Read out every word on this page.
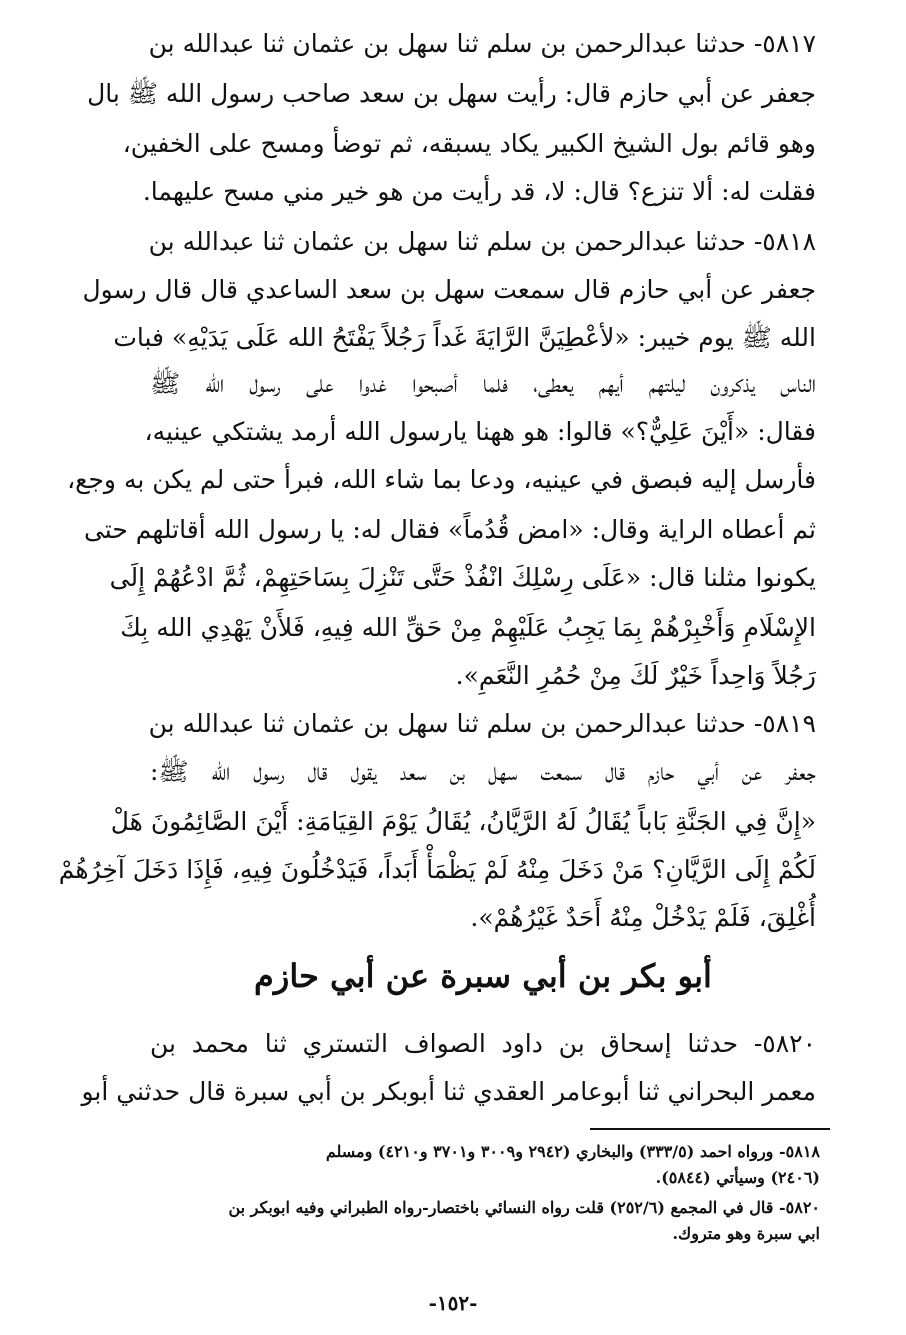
٥٨١٧- حدثنا عبدالرحمن بن سلم ثنا سهل بن عثمان ثنا عبدالله بن
جعفر عن أبي حازم قال: رأيت سهل بن سعد صاحب رسول الله ﷺ بال
وهو قائم بول الشيخ الكبير يكاد يسبقه، ثم توضأ ومسح على الخفين،
فقلت له: ألا تنزع؟ قال: لا، قد رأيت من هو خير مني مسح عليهما.
٥٨١٨- حدثنا عبدالرحمن بن سلم ثنا سهل بن عثمان ثنا عبدالله بن
جعفر عن أبي حازم قال سمعت سهل بن سعد الساعدي قال قال رسول
الله ﷺ يوم خيبر: «لأعْطِيَنَّ الرَّايَةَ غَداً رَجُلاً يَفْتَحُ الله عَلَى يَدَيْهِ» فبات
الناس يذكرون ليلتهم أيهم يعطى، فلما أصبحوا غدوا على رسول الله ﷺ
فقال: «أَيْنَ عَلِيٌّ؟» قالوا: هو ههنا يارسول الله أرمد يشتكي عينيه،
فأرسل إليه فبصق في عينيه، ودعا بما شاء الله، فبرأ حتى لم يكن به وجع،
ثم أعطاه الراية وقال: «امض قُدُماً» فقال له: يا رسول الله أقاتلهم حتى
يكونوا مثلنا قال: «عَلَى رِسْلِكَ انْفُذْ حَتَّى تَنْزِلَ بِسَاحَتِهِمْ، ثُمَّ ادْعُهُمْ إِلَى
الإِسْلَامِ وَأَخْبِرْهُمْ بِمَا يَجِبُ عَلَيْهِمْ مِنْ حَقِّ الله فِيهِ، فَلأَنْ يَهْدِي الله بِكَ
رَجُلاً وَاحِداً خَيْرٌ لَكَ مِنْ حُمُرِ النَّعَمِ».
٥٨١٩- حدثنا عبدالرحمن بن سلم ثنا سهل بن عثمان ثنا عبدالله بن
جعفر عن أبي حازم قال سمعت سهل بن سعد يقول قال رسول الله ﷺ:
«إِنَّ فِي الجَنَّةِ بَاباً يُقَالُ لَهُ الرَّيَّانُ، يُقَالُ يَوْمَ القِيَامَةِ: أَيْنَ الصَّائِمُونَ هَلْ
لَكُمْ إِلَى الرَّيَّانِ؟ مَنْ دَخَلَ مِنْهُ لَمْ يَظْمَأْ أَبَداً، فَيَدْخُلُونَ فِيهِ، فَإِذَا دَخَلَ آخِرُهُمْ
أُغْلِقَ، فَلَمْ يَدْخُلْ مِنْهُ أَحَدٌ غَيْرُهُمْ».
أبو بكر بن أبي سبرة عن أبي حازم
٥٨٢٠- حدثنا إسحاق بن داود الصواف التستري ثنا محمد بن
معمر البحراني ثنا أبوعامر العقدي ثنا أبوبكر بن أبي سبرة قال حدثني أبو
٥٨١٨- ورواه احمد (٣٣٣/٥) والبخاري (٢٩٤٢ و٣٠٠٩ و٣٧٠١ و٤٢١٠) ومسلم
(٢٤٠٦) وسيأتي (٥٨٤٤).
٥٨٢٠- قال في المجمع (٢٥٢/٦) قلت رواه النسائي باختصار-رواه الطبراني وفيه ابوبكر بن
ابي سبرة وهو متروك.
-١٥٢-
